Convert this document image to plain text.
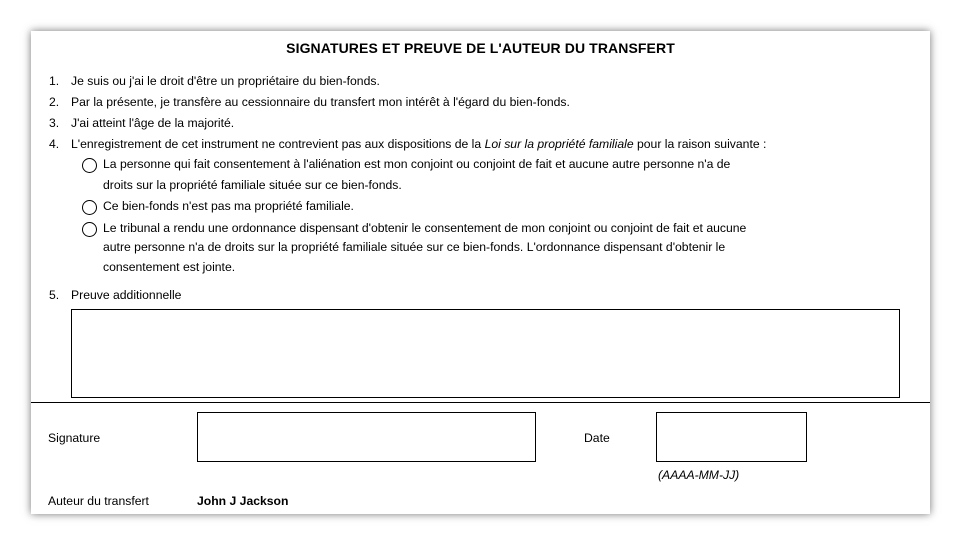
SIGNATURES ET PREUVE DE L'AUTEUR DU TRANSFERT
1. Je suis ou j'ai le droit d'être un propriétaire du bien-fonds.
2. Par la présente, je transfère au cessionnaire du transfert mon intérêt à l'égard du bien-fonds.
3. J'ai atteint l'âge de la majorité.
4. L'enregistrement de cet instrument ne contrevient pas aux dispositions de la Loi sur la propriété familiale pour la raison suivante :
La personne qui fait consentement à l'aliénation est mon conjoint ou conjoint de fait et aucune autre personne n'a de
droits sur la propriété familiale située sur ce bien-fonds.
Ce bien-fonds n'est pas ma propriété familiale.
Le tribunal a rendu une ordonnance dispensant d'obtenir le consentement de mon conjoint ou conjoint de fait et aucune
autre personne n'a de droits sur la propriété familiale située sur ce bien-fonds. L'ordonnance dispensant d'obtenir le
consentement est jointe.
5. Preuve additionnelle
Signature	Date
(AAAA-MM-JJ)
Auteur du transfert	John J Jackson
